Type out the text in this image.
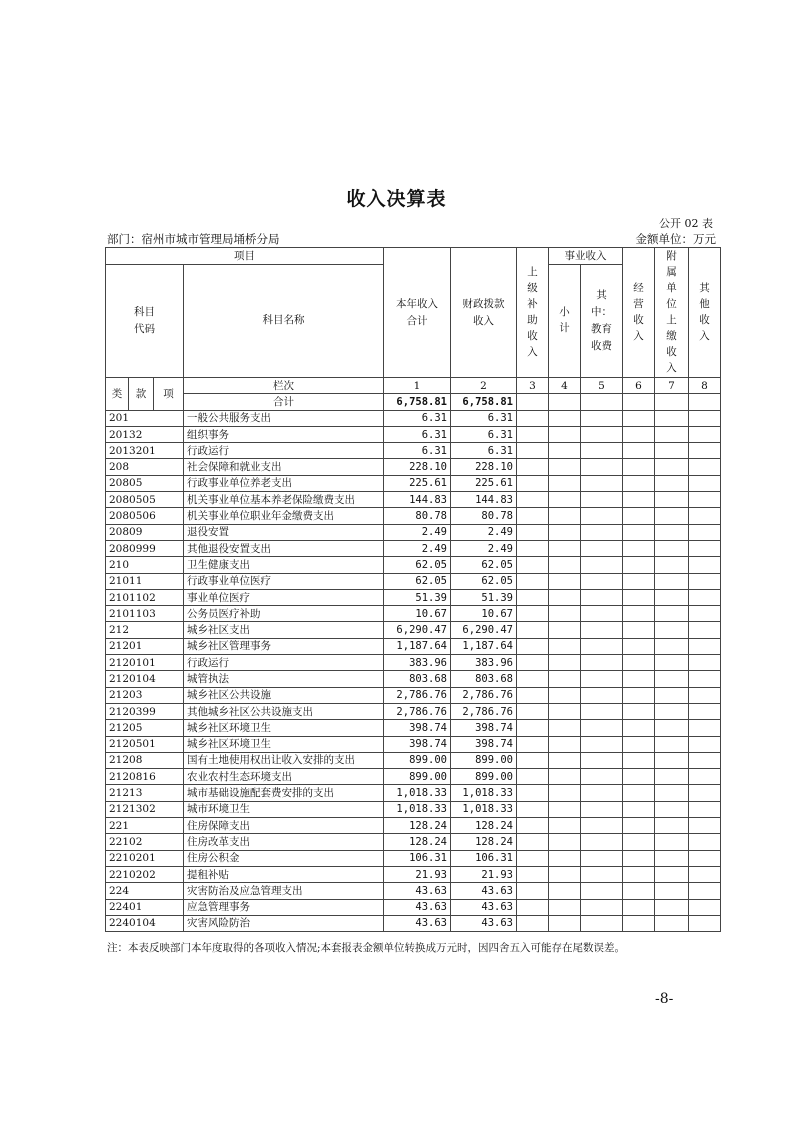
收入决算表
公开 02 表
部门：宿州市城市管理局埇桥分局	金额单位：万元
项目				本年收入合计	财政拨款收入	上级补助收入	事业收入		经营收入	附属单位上缴收入	其他收入
科目代码			科目名称				小计	其中：教育收费			
类	款	项	栏次	1	2	3	4	5	6	7	8
			合计	6,758.81	6,758.81						
201			一般公共服务支出	6.31	6.31						
20132			组织事务	6.31	6.31						
2013201			行政运行	6.31	6.31						
208			社会保障和就业支出	228.10	228.10						
20805			行政事业单位养老支出	225.61	225.61						
2080505			机关事业单位基本养老保险缴费支出	144.83	144.83						
2080506			机关事业单位职业年金缴费支出	80.78	80.78						
20809			退役安置	2.49	2.49						
2080999			其他退役安置支出	2.49	2.49						
210			卫生健康支出	62.05	62.05						
21011			行政事业单位医疗	62.05	62.05						
2101102			事业单位医疗	51.39	51.39						
2101103			公务员医疗补助	10.67	10.67						
212			城乡社区支出	6,290.47	6,290.47						
21201			城乡社区管理事务	1,187.64	1,187.64						
2120101			行政运行	383.96	383.96						
2120104			城管执法	803.68	803.68						
21203			城乡社区公共设施	2,786.76	2,786.76						
2120399			其他城乡社区公共设施支出	2,786.76	2,786.76						
21205			城乡社区环境卫生	398.74	398.74						
2120501			城乡社区环境卫生	398.74	398.74						
21208			国有土地使用权出让收入安排的支出	899.00	899.00						
2120816			农业农村生态环境支出	899.00	899.00						
21213			城市基础设施配套费安排的支出	1,018.33	1,018.33						
2121302			城市环境卫生	1,018.33	1,018.33						
221			住房保障支出	128.24	128.24						
22102			住房改革支出	128.24	128.24						
2210201			住房公积金	106.31	106.31						
2210202			提租补贴	21.93	21.93						
224			灾害防治及应急管理支出	43.63	43.63						
22401			应急管理事务	43.63	43.63						
2240104			灾害风险防治	43.63	43.63						
注：本表反映部门本年度取得的各项收入情况;本套报表金额单位转换成万元时，因四舍五入可能存在尾数误差。
-8-
